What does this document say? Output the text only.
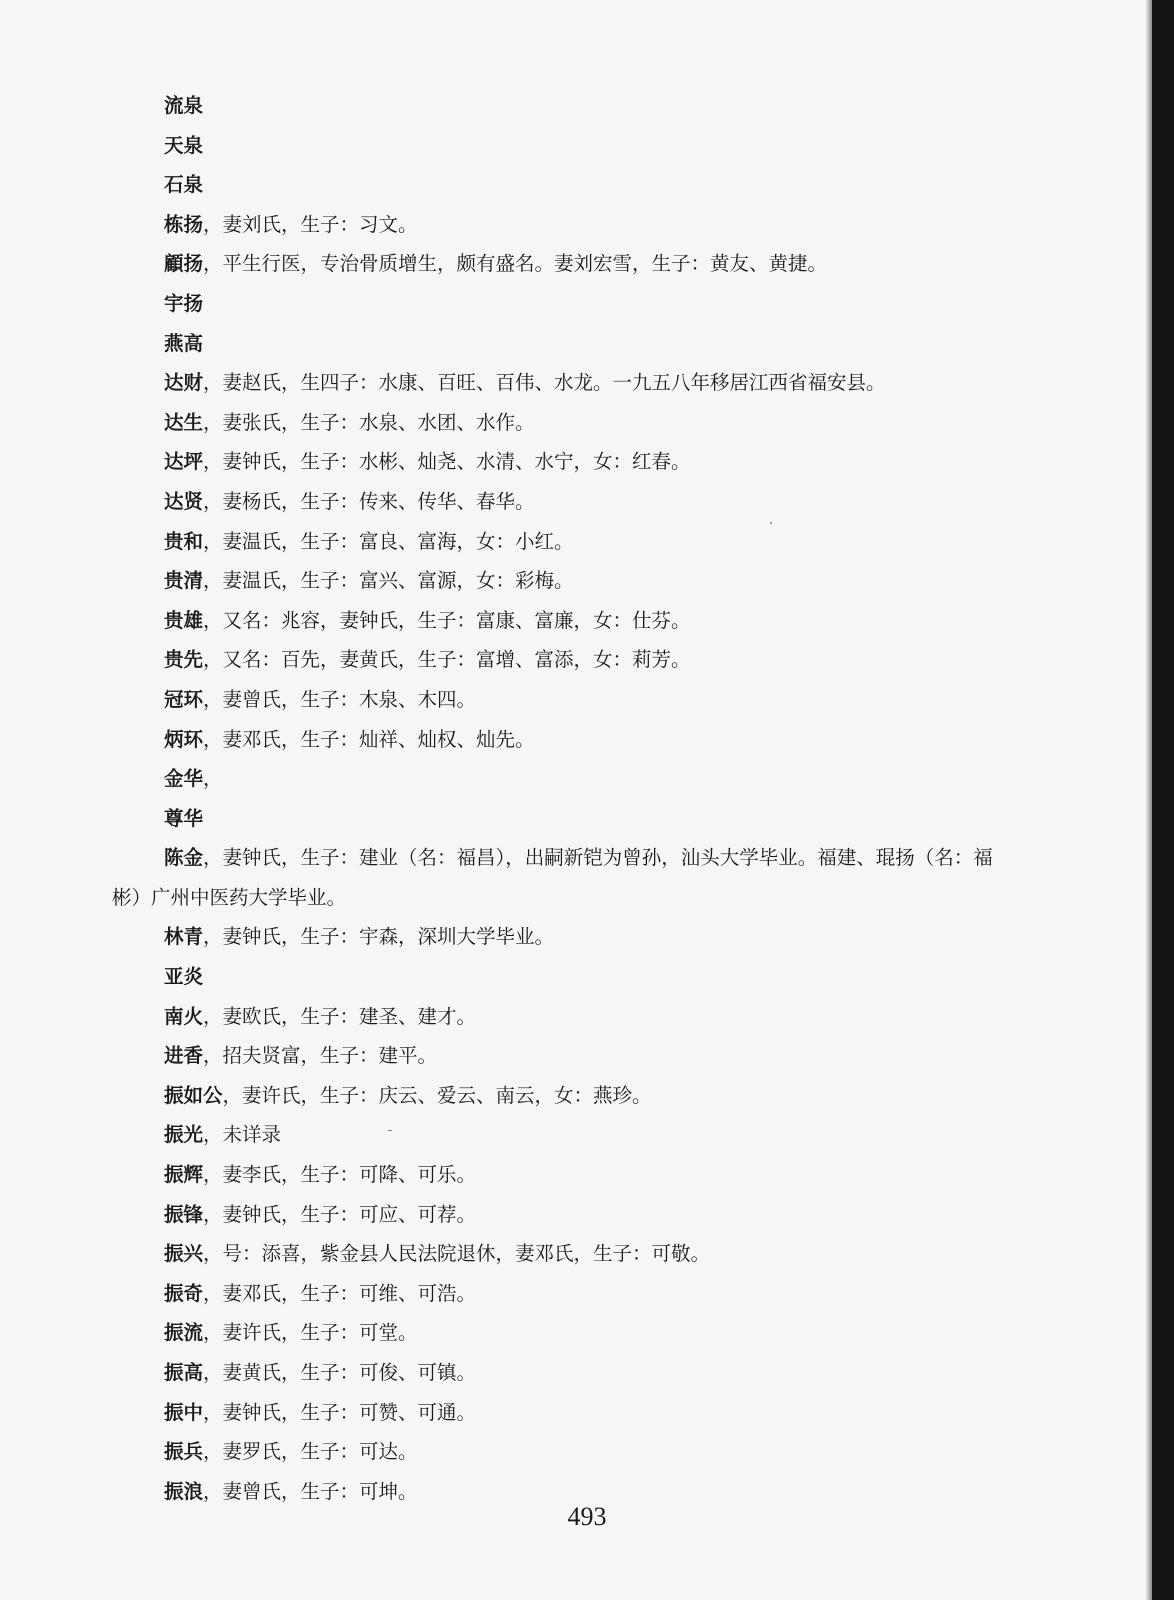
流泉
天泉
石泉
栋扬，妻刘氏，生子：习文。
顧扬，平生行医，专治骨质增生，颇有盛名。妻刘宏雪，生子：黄友、黄捷。
宇扬
燕高
达财，妻赵氏，生四子：水康、百旺、百伟、水龙。一九五八年移居江西省福安县。
达生，妻张氏，生子：水泉、水团、水作。
达坪，妻钟氏，生子：水彬、灿尧、水清、水宁，女：红春。
达贤，妻杨氏，生子：传来、传华、春华。
贵和，妻温氏，生子：富良、富海，女：小红。
贵清，妻温氏，生子：富兴、富源，女：彩梅。
贵雄，又名：兆容，妻钟氏，生子：富康、富廉，女：仕芬。
贵先，又名：百先，妻黄氏，生子：富增、富添，女：莉芳。
冠环，妻曾氏，生子：木泉、木四。
炳环，妻邓氏，生子：灿祥、灿权、灿先。
金华，
尊华
陈金，妻钟氏，生子：建业（名：福昌），出嗣新铠为曾孙，汕头大学毕业。福建、琨扬（名：福
彬）广州中医药大学毕业。
林青，妻钟氏，生子：宇森，深圳大学毕业。
亚炎
南火，妻欧氏，生子：建圣、建才。
进香，招夫贤富，生子：建平。
振如公，妻许氏，生子：庆云、爱云、南云，女：燕珍。
振光，未详录
振辉，妻李氏，生子：可降、可乐。
振锋，妻钟氏，生子：可应、可荐。
振兴，号：添喜，紫金县人民法院退休，妻邓氏，生子：可敬。
振奇，妻邓氏，生子：可维、可浩。
振流，妻许氏，生子：可堂。
振高，妻黄氏，生子：可俊、可镇。
振中，妻钟氏，生子：可赞、可通。
振兵，妻罗氏，生子：可达。
振浪，妻曾氏，生子：可坤。
493
